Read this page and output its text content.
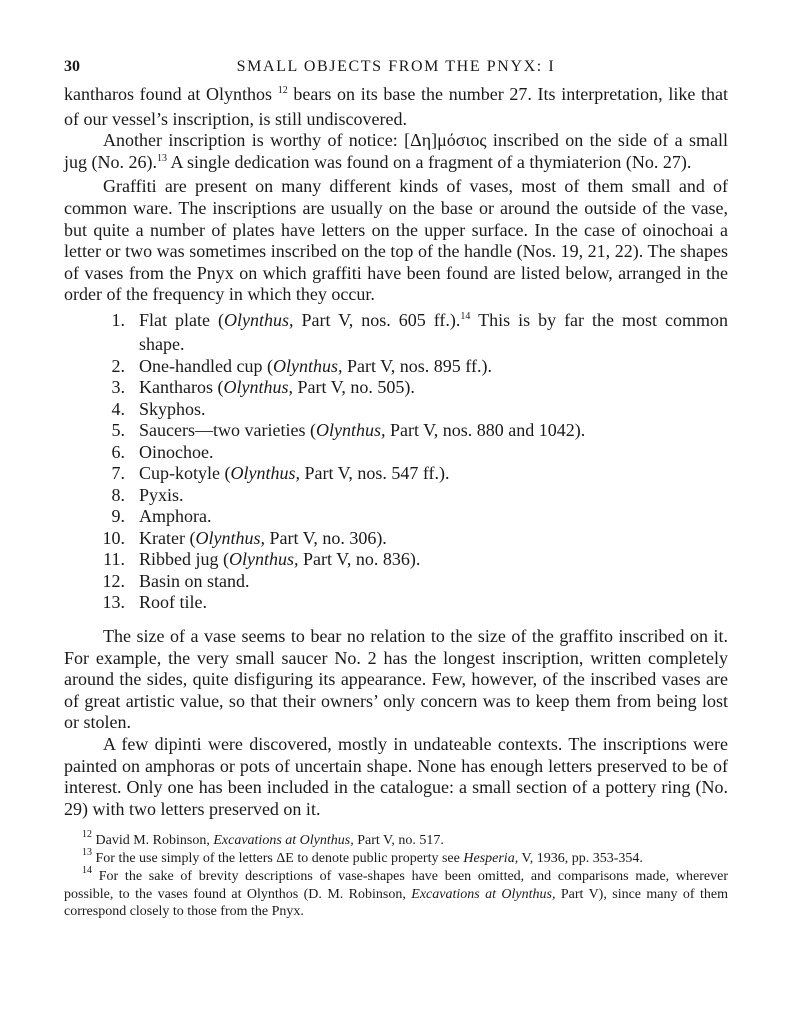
30	SMALL OBJECTS FROM THE PNYX: I

kantharos found at Olynthos $^{12}$ bears on its base the number 27. Its interpretation, like that of our vessel’s inscription, is still undiscovered.

Another inscription is worthy of notice: [Δη]μόσιος inscribed on the side of a small jug (No. 26).$^{13}$ A single dedication was found on a fragment of a thymiaterion (No. 27).

Graffiti are present on many different kinds of vases, most of them small and of common ware. The inscriptions are usually on the base or around the outside of the vase, but quite a number of plates have letters on the upper surface. In the case of oinochoai a letter or two was sometimes inscribed on the top of the handle (Nos. 19, 21, 22). The shapes of vases from the Pnyx on which graffiti have been found are listed below, arranged in the order of the frequency in which they occur.

1. Flat plate (Olynthus, Part V, nos. 605 ff.).$^{14}$ This is by far the most common shape.
2. One-handled cup (Olynthus, Part V, nos. 895 ff.).
3. Kantharos (Olynthus, Part V, no. 505).
4. Skyphos.
5. Saucers—two varieties (Olynthus, Part V, nos. 880 and 1042).
6. Oinochoe.
7. Cup-kotyle (Olynthus, Part V, nos. 547 ff.).
8. Pyxis.
9. Amphora.
10. Krater (Olynthus, Part V, no. 306).
11. Ribbed jug (Olynthus, Part V, no. 836).
12. Basin on stand.
13. Roof tile.

The size of a vase seems to bear no relation to the size of the graffito inscribed on it. For example, the very small saucer No. 2 has the longest inscription, written completely around the sides, quite disfiguring its appearance. Few, however, of the inscribed vases are of great artistic value, so that their owners’ only concern was to keep them from being lost or stolen.

A few dipinti were discovered, mostly in undateable contexts. The inscriptions were painted on amphoras or pots of uncertain shape. None has enough letters preserved to be of interest. Only one has been included in the catalogue: a small section of a pottery ring (No. 29) with two letters preserved on it.

$^{12}$ David M. Robinson, Excavations at Olynthus, Part V, no. 517.
$^{13}$ For the use simply of the letters ΔE to denote public property see Hesperia, V, 1936, pp. 353-354.
$^{14}$ For the sake of brevity descriptions of vase-shapes have been omitted, and comparisons made, wherever possible, to the vases found at Olynthos (D. M. Robinson, Excavations at Olynthus, Part V), since many of them correspond closely to those from the Pnyx.
